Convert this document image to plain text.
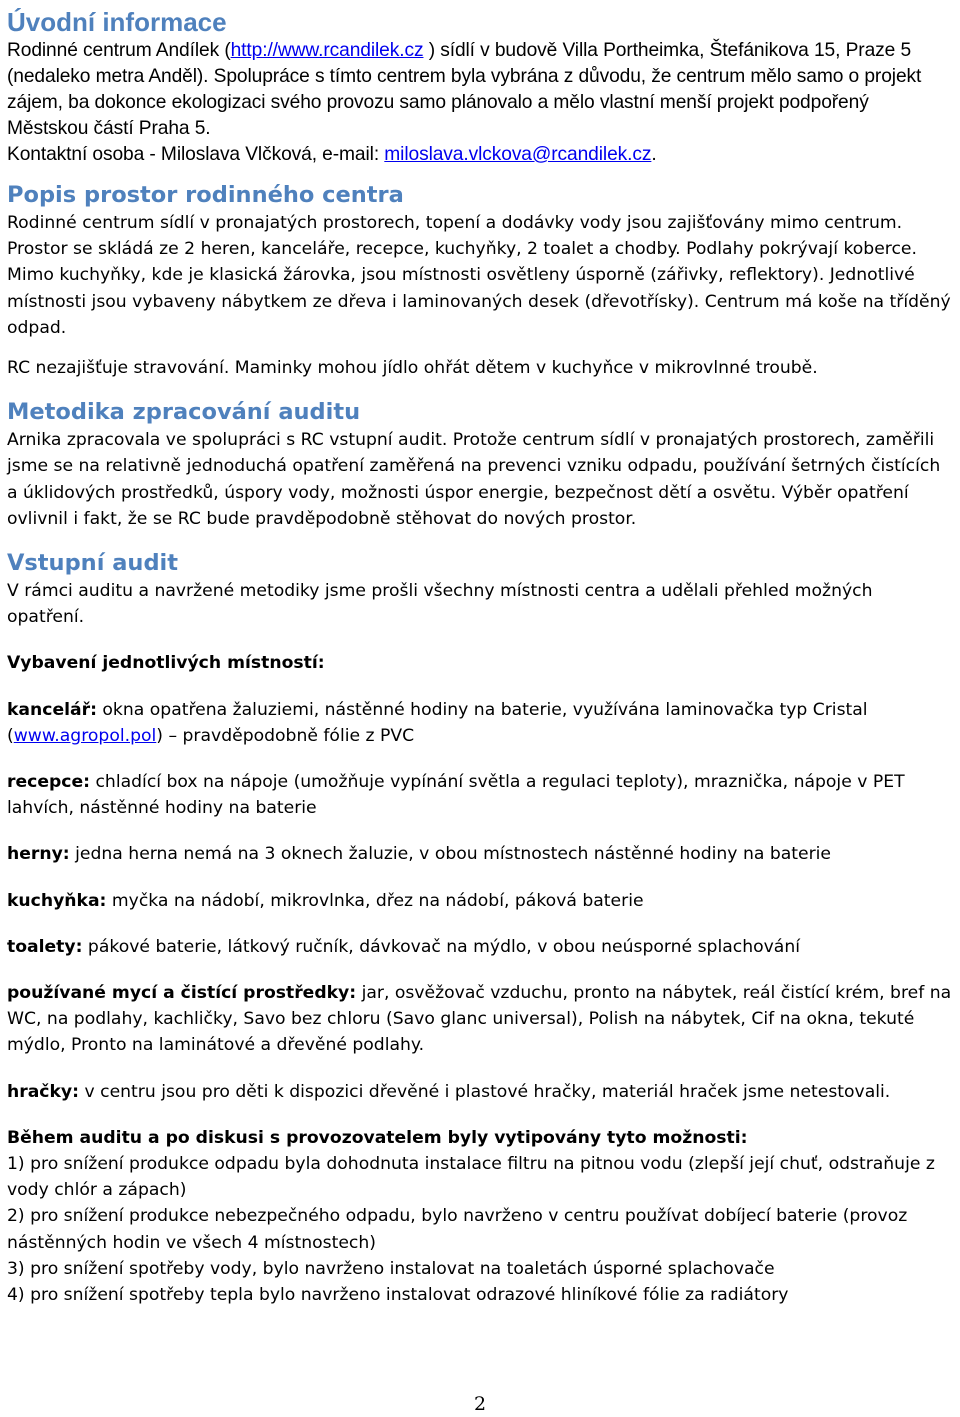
Úvodní informace

Rodinné centrum Andílek (http://www.rcandilek.cz ) sídlí v budově Villa Portheimka, Štefánikova 15, Praze 5 (nedaleko metra Anděl). Spolupráce s tímto centrem byla vybrána z důvodu, že centrum mělo samo o projekt zájem, ba dokonce ekologizaci svého provozu samo plánovalo a mělo vlastní menší projekt podpořený Městskou částí Praha 5.

Kontaktní osoba - Miloslava Vlčková, e-mail: miloslava.vlckova@rcandilek.cz.

Popis prostor rodinného centra

Rodinné centrum sídlí v pronajatých prostorech, topení a dodávky vody jsou zajišťovány mimo centrum. Prostor se skládá ze 2 heren, kanceláře, recepce, kuchyňky, 2 toalet a chodby. Podlahy pokrývají koberce. Mimo kuchyňky, kde je klasická žárovka, jsou místnosti osvětleny úsporně (zářivky, reflektory). Jednotlivé místnosti jsou vybaveny nábytkem ze dřeva i laminovaných desek (dřevotřísky). Centrum má koše na tříděný odpad.

RC nezajišťuje stravování. Maminky mohou jídlo ohřát dětem v kuchyňce v mikrovlnné troubě.

Metodika zpracování auditu

Arnika zpracovala ve spolupráci s RC vstupní audit. Protože centrum sídlí v pronajatých prostorech, zaměřili jsme se na relativně jednoduchá opatření zaměřená na prevenci vzniku odpadu, používání šetrných čistících a úklidových prostředků, úspory vody, možnosti úspor energie, bezpečnost dětí a osvětu. Výběr opatření ovlivnil i fakt, že se RC bude pravděpodobně stěhovat do nových prostor.

Vstupní audit

V rámci auditu a navržené metodiky jsme prošli všechny místnosti centra a udělali přehled možných opatření.

Vybavení jednotlivých místností:

kancelář: okna opatřena žaluziemi, nástěnné hodiny na baterie, využívána laminovačka typ Cristal (www.agropol.pol) – pravděpodobně fólie z PVC

recepce: chladící box na nápoje (umožňuje vypínání světla a regulaci teploty), mraznička, nápoje v PET lahvích, nástěnné hodiny na baterie

herny: jedna herna nemá na 3 oknech žaluzie, v obou místnostech nástěnné hodiny na baterie

kuchyňka: myčka na nádobí, mikrovlnka, dřez na nádobí, páková baterie

toalety: pákové baterie, látkový ručník, dávkovač na mýdlo, v obou neúsporné splachování

používané mycí a čistící prostředky: jar, osvěžovač vzduchu, pronto na nábytek, reál čistící krém, bref na WC, na podlahy, kachličky, Savo bez chloru (Savo glanc universal), Polish na nábytek, Cif na okna, tekuté mýdlo, Pronto na laminátové a dřevěné podlahy.

hračky: v centru jsou pro děti k dispozici dřevěné i plastové hračky, materiál hraček jsme netestovali.

Během auditu a po diskusi s provozovatelem byly vytipovány tyto možnosti:

1) pro snížení produkce odpadu byla dohodnuta instalace filtru na pitnou vodu (zlepší její chuť, odstraňuje z vody chlór a zápach)

2) pro snížení produkce nebezpečného odpadu, bylo navrženo v centru používat dobíjecí baterie (provoz nástěnných hodin ve všech 4 místnostech)

3) pro snížení spotřeby vody, bylo navrženo instalovat na toaletách úsporné splachovače

4) pro snížení spotřeby tepla bylo navrženo instalovat odrazové hliníkové fólie za radiátory

2
